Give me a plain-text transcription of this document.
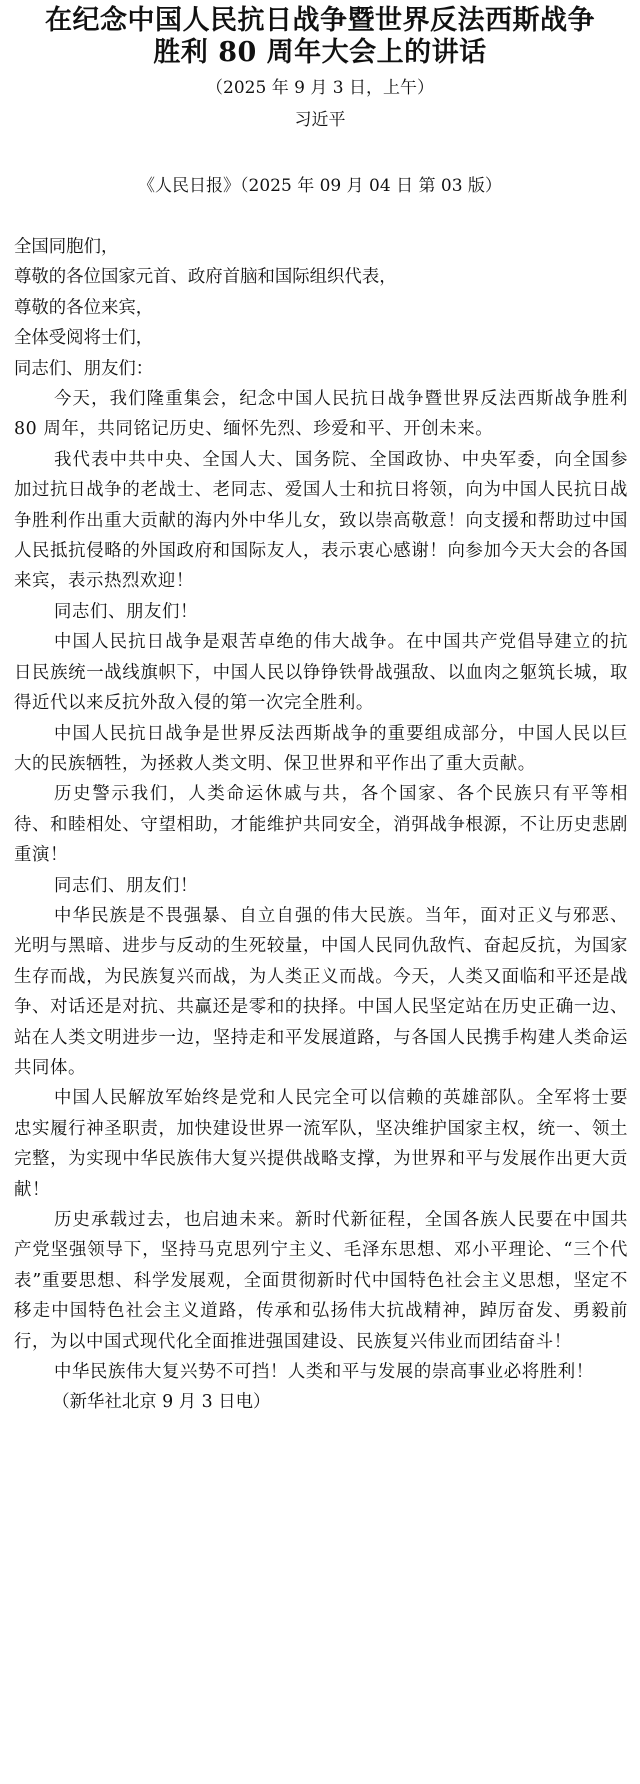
在纪念中国人民抗日战争暨世界反法西斯战争
胜利 80 周年大会上的讲话
（2025 年 9 月 3 日，上午）
习近平
《人民日报》（2025 年 09 月 04 日 第 03 版）

全国同胞们，

尊敬的各位国家元首、政府首脑和国际组织代表，

尊敬的各位来宾，

全体受阅将士们，

同志们、朋友们：

今天，我们隆重集会，纪念中国人民抗日战争暨世界反法西斯战争胜利 80 周年，共同铭记历史、缅怀先烈、珍爱和平、开创未来。

我代表中共中央、全国人大、国务院、全国政协、中央军委，向全国参加过抗日战争的老战士、老同志、爱国人士和抗日将领，向为中国人民抗日战争胜利作出重大贡献的海内外中华儿女，致以崇高敬意！向支援和帮助过中国人民抵抗侵略的外国政府和国际友人，表示衷心感谢！向参加今天大会的各国来宾，表示热烈欢迎！

同志们、朋友们！

中国人民抗日战争是艰苦卓绝的伟大战争。在中国共产党倡导建立的抗日民族统一战线旗帜下，中国人民以铮铮铁骨战强敌、以血肉之躯筑长城，取得近代以来反抗外敌入侵的第一次完全胜利。

中国人民抗日战争是世界反法西斯战争的重要组成部分，中国人民以巨大的民族牺牲，为拯救人类文明、保卫世界和平作出了重大贡献。

历史警示我们，人类命运休戚与共，各个国家、各个民族只有平等相待、和睦相处、守望相助，才能维护共同安全，消弭战争根源，不让历史悲剧重演！

同志们、朋友们！

中华民族是不畏强暴、自立自强的伟大民族。当年，面对正义与邪恶、光明与黑暗、进步与反动的生死较量，中国人民同仇敌忾、奋起反抗，为国家生存而战，为民族复兴而战，为人类正义而战。今天，人类又面临和平还是战争、对话还是对抗、共赢还是零和的抉择。中国人民坚定站在历史正确一边、站在人类文明进步一边，坚持走和平发展道路，与各国人民携手构建人类命运共同体。

中国人民解放军始终是党和人民完全可以信赖的英雄部队。全军将士要忠实履行神圣职责，加快建设世界一流军队，坚决维护国家主权，统一、领土完整，为实现中华民族伟大复兴提供战略支撑，为世界和平与发展作出更大贡献！

历史承载过去，也启迪未来。新时代新征程，全国各族人民要在中国共产党坚强领导下，坚持马克思列宁主义、毛泽东思想、邓小平理论、“三个代表”重要思想、科学发展观，全面贯彻新时代中国特色社会主义思想，坚定不移走中国特色社会主义道路，传承和弘扬伟大抗战精神，踔厉奋发、勇毅前行，为以中国式现代化全面推进强国建设、民族复兴伟业而团结奋斗！

中华民族伟大复兴势不可挡！人类和平与发展的崇高事业必将胜利！

（新华社北京 9 月 3 日电）
